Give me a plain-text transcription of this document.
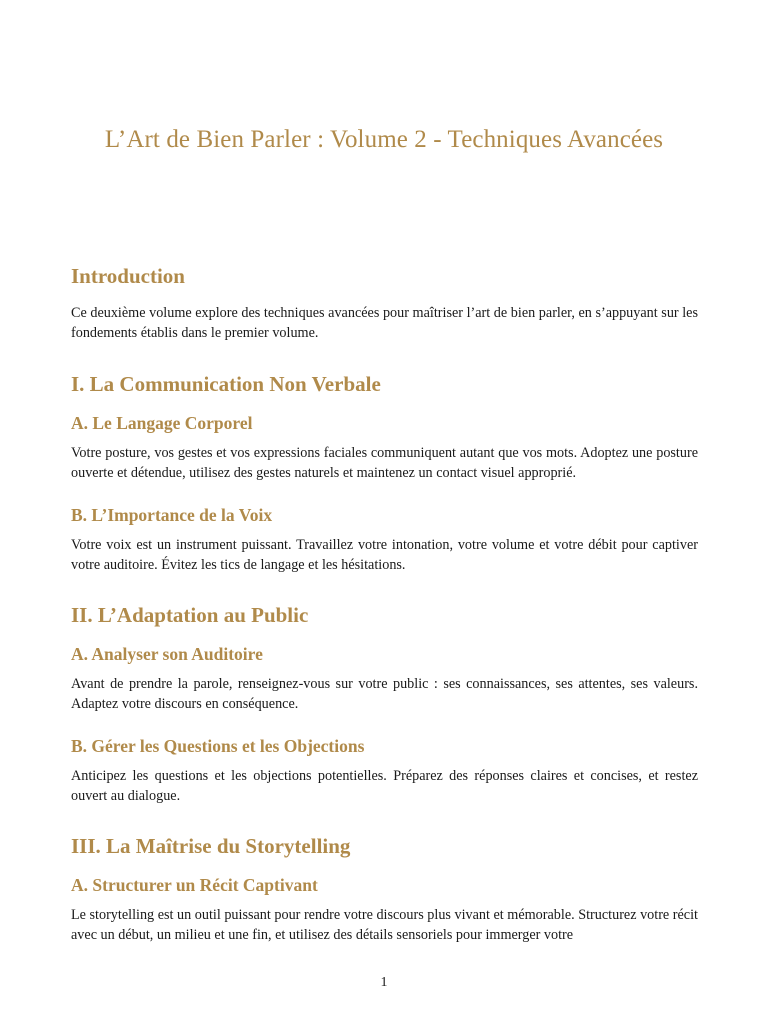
L’Art de Bien Parler : Volume 2 - Techniques Avancées
Introduction

Ce deuxième volume explore des techniques avancées pour maîtriser l’art de bien parler, en s’appuyant sur les fondements établis dans le premier volume.

I. La Communication Non Verbale
A. Le Langage Corporel

Votre posture, vos gestes et vos expressions faciales communiquent autant que vos mots. Adoptez une posture ouverte et détendue, utilisez des gestes naturels et maintenez un contact visuel approprié.

B. L’Importance de la Voix

Votre voix est un instrument puissant. Travaillez votre intonation, votre volume et votre débit pour captiver votre auditoire. Évitez les tics de langage et les hésitations.

II. L’Adaptation au Public
A. Analyser son Auditoire

Avant de prendre la parole, renseignez-vous sur votre public : ses connaissances, ses attentes, ses valeurs. Adaptez votre discours en conséquence.

B. Gérer les Questions et les Objections

Anticipez les questions et les objections potentielles. Préparez des réponses claires et concises, et restez ouvert au dialogue.

III. La Maîtrise du Storytelling
A. Structurer un Récit Captivant

Le storytelling est un outil puissant pour rendre votre discours plus vivant et mémorable. Structurez votre récit avec un début, un milieu et une fin, et utilisez des détails sensoriels pour immerger votre

1
